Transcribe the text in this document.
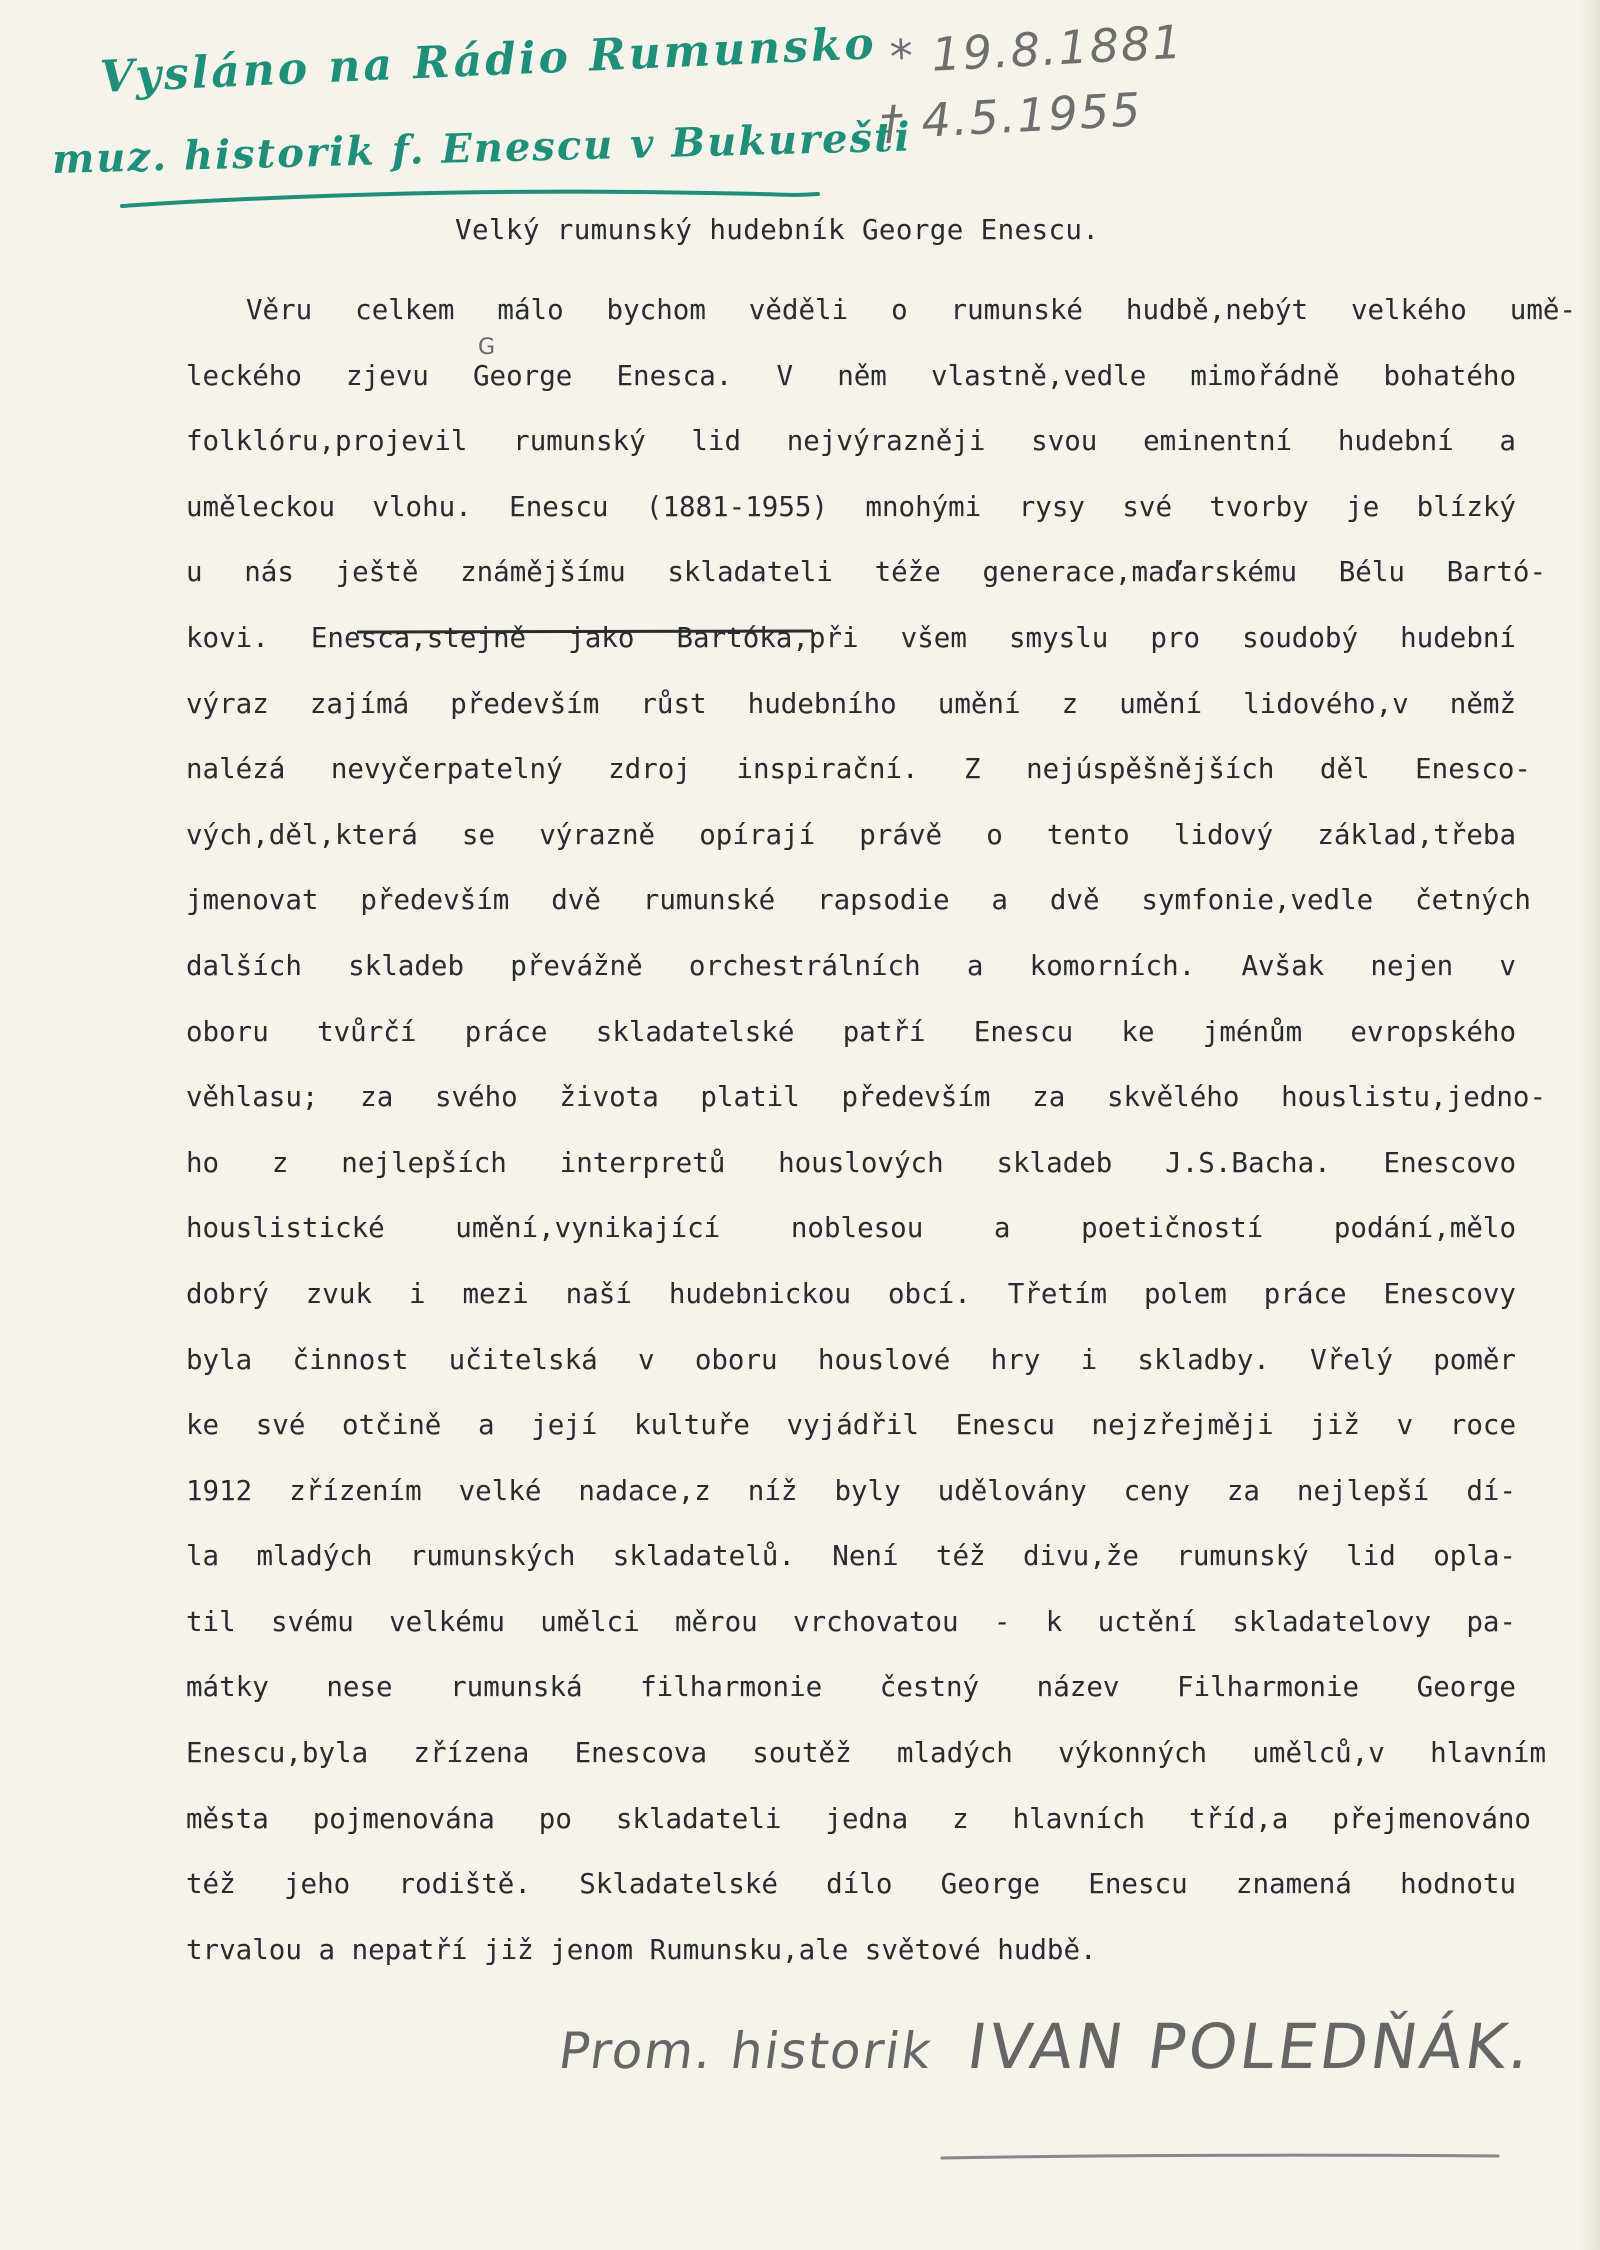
Vysláno na Rádio Rumunsko

muz. historik f. Enescu v Bukurešti

* 19.8.1881

† 4.5.1955

Velký rumunský hudebník George Enescu.
G
Věru celkem málo bychom věděli o rumunské hudbě,nebýt velkého umě-
leckého zjevu George Enesca. V něm vlastně,vedle mimořádně bohatého
folklóru,projevil rumunský lid nejvýrazněji svou eminentní hudební a
uměleckou vlohu. Enescu (1881-1955) mnohými rysy své tvorby je blízký
u nás ještě známějšímu skladateli téže generace,maďarskému Bélu Bartó-
kovi. Enesca,stejně jako Bartóka,při všem smyslu pro soudobý hudební
výraz zajímá především růst hudebního umění z umění lidového,v němž
nalézá nevyčerpatelný zdroj inspirační. Z nejúspěšnějších děl Enesco-
vých,děl,která se výrazně opírají právě o tento lidový základ,třeba
jmenovat především dvě rumunské rapsodie a dvě symfonie,vedle četných
dalších skladeb převážně orchestrálních a komorních. Avšak nejen v
oboru tvůrčí práce skladatelské patří Enescu ke jménům evropského
věhlasu; za svého života platil především za skvělého houslistu,jedno-
ho z nejlepších interpretů houslových skladeb J.S.Bacha. Enescovo
houslistické umění,vynikající noblesou a poetičností podání,mělo
dobrý zvuk i mezi naší hudebnickou obcí. Třetím polem práce Enescovy
byla činnost učitelská v oboru houslové hry i skladby. Vřelý poměr
ke své otčině a její kultuře vyjádřil Enescu nejzřejměji již v roce
1912 zřízením velké nadace,z níž byly udělovány ceny za nejlepší dí-
la mladých rumunských skladatelů. Není též divu,že rumunský lid opla-
til svému velkému umělci měrou vrchovatou - k uctění skladatelovy pa-
mátky nese rumunská filharmonie čestný název Filharmonie George
Enescu,byla zřízena Enescova soutěž mladých výkonných umělců,v hlavním
města pojmenována po skladateli jedna z hlavních tříd,a přejmenováno
též jeho rodiště. Skladatelské dílo George Enescu znamená hodnotu
trvalou a nepatří již jenom Rumunsku,ale světové hudbě.
Prom. historik IVAN POLEDŇÁK.
